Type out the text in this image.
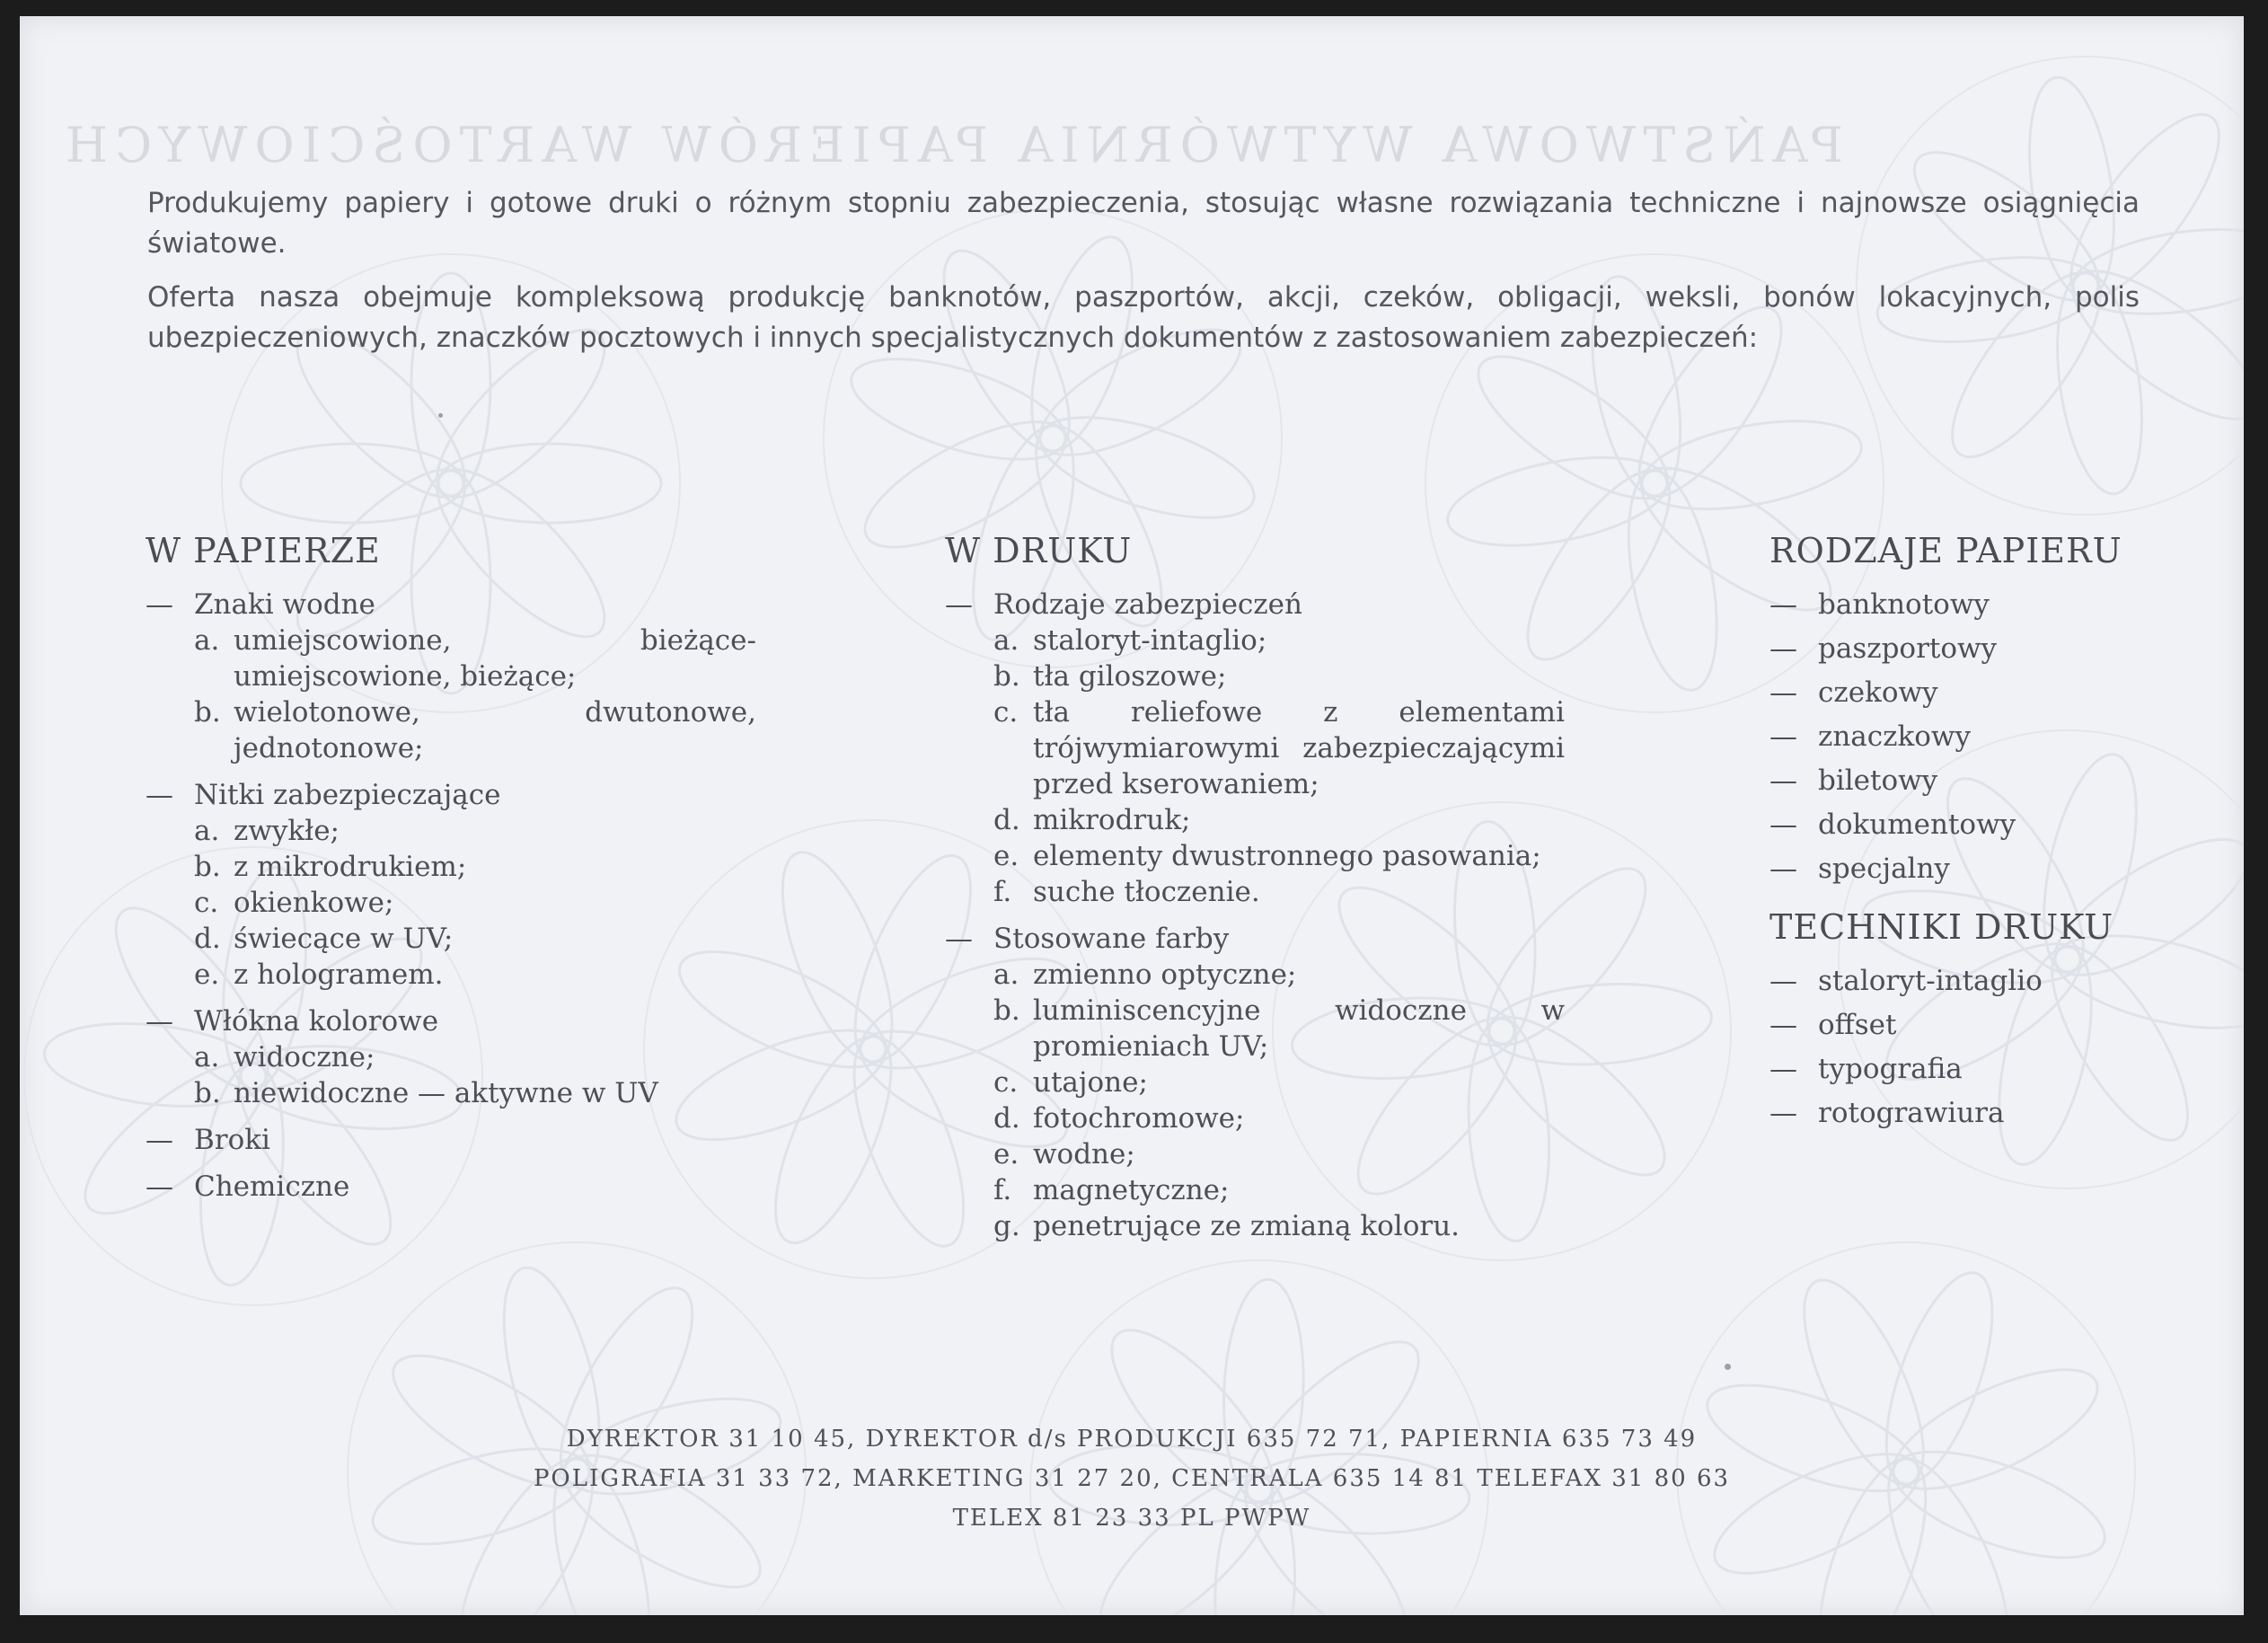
PAŃSTWOWA WYTWÓRNIA PAPIERÓW WARTOŚCIOWYCH

Produkujemy papiery i gotowe druki o różnym stopniu zabezpieczenia, stosując własne rozwiązania techniczne i najnowsze osiągnięcia światowe.

Oferta nasza obejmuje kompleksową produkcję banknotów, paszportów, akcji, czeków, obligacji, weksli, bonów lokacyjnych, polis ubezpieczeniowych, znaczków pocztowych i innych specjalistycznych dokumentów z zastosowaniem zabezpieczeń:

W PAPIERZE
— Znaki wodne
a. umiejscowione, bieżące-umiejscowione, bieżące;
b. wielotonowe, dwutonowe, jednotonowe;
— Nitki zabezpieczające
a. zwykłe;
b. z mikrodrukiem;
c. okienkowe;
d. świecące w UV;
e. z hologramem.
— Włókna kolorowe
a. widoczne;
b. niewidoczne — aktywne w UV
— Broki
— Chemiczne
W DRUKU
— Rodzaje zabezpieczeń
a. staloryt-intaglio;
b. tła giloszowe;
c. tła reliefowe z elementami trójwymiarowymi zabezpieczającymi przed kserowaniem;
d. mikrodruk;
e. elementy dwustronnego pasowania;
f. suche tłoczenie.
— Stosowane farby
a. zmienno optyczne;
b. luminiscencyjne widoczne w promieniach UV;
c. utajone;
d. fotochromowe;
e. wodne;
f. magnetyczne;
g. penetrujące ze zmianą koloru.
RODZAJE PAPIERU
— banknotowy
— paszportowy
— czekowy
— znaczkowy
— biletowy
— dokumentowy
— specjalny
TECHNIKI DRUKU
— staloryt-intaglio
— offset
— typografia
— rotograwiura
DYREKTOR 31 10 45, DYREKTOR d/s PRODUKCJI 635 72 71, PAPIERNIA 635 73 49
POLIGRAFIA 31 33 72, MARKETING 31 27 20, CENTRALA 635 14 81 TELEFAX 31 80 63
TELEX 81 23 33 PL PWPW
